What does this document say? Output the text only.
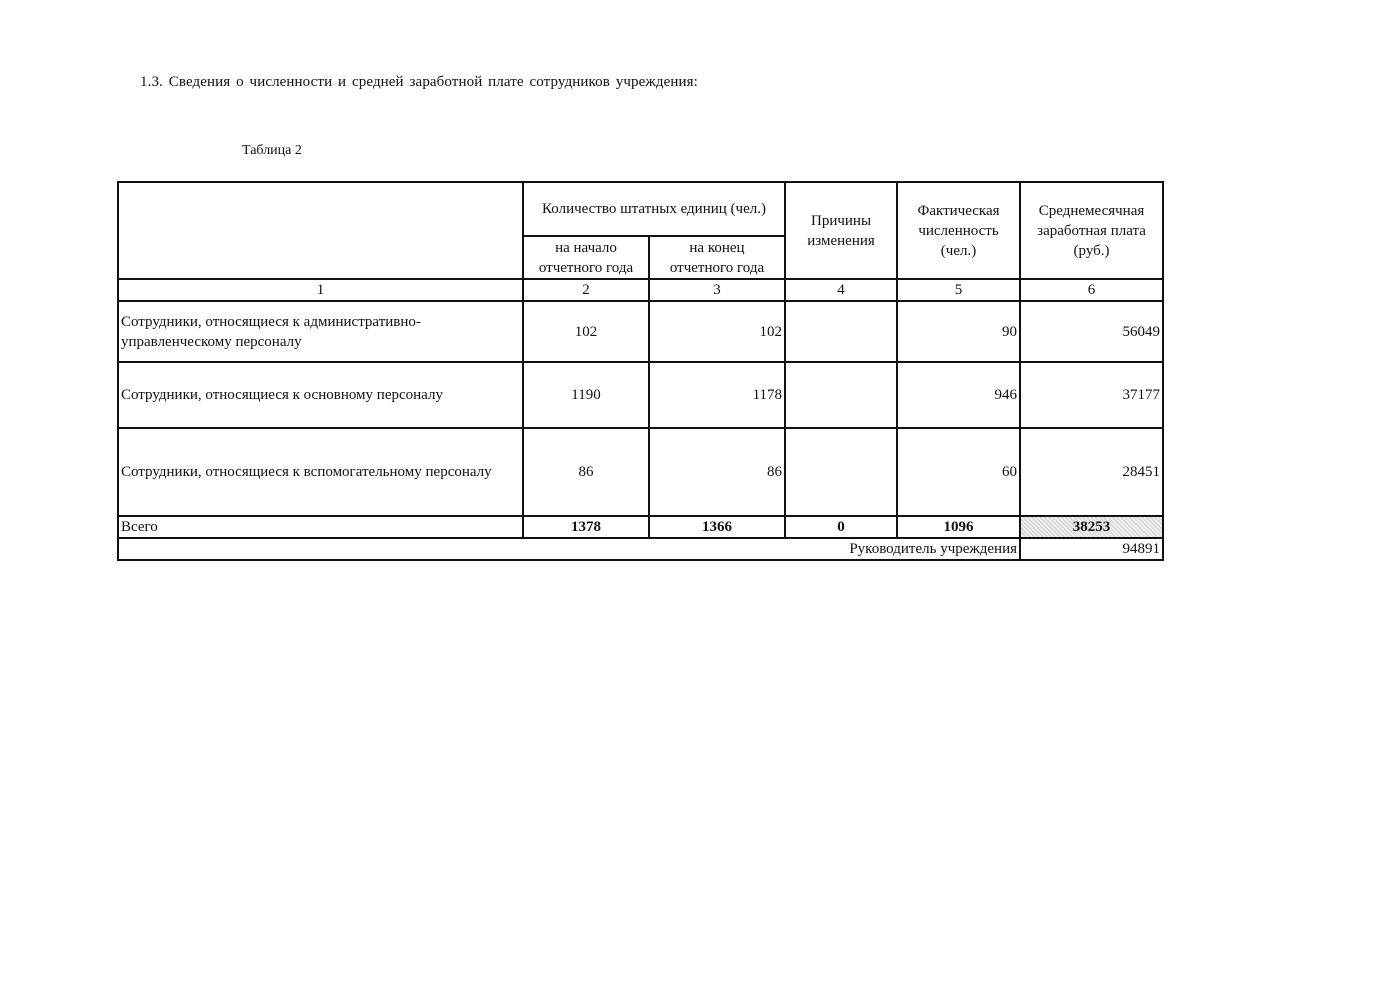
1.3. Сведения о численности и средней заработной плате сотрудников учреждения:
Таблица 2
	Количество штатных единиц (чел.)		Причины изменения	Фактическая численность (чел.)	Среднемесячная заработная плата (руб.)

	на начало отчетного года	на конец отчетного года			

1	2	3	4	5	6
Сотрудники, относящиеся к административно-управленческому персоналу	102	102		90	56049
Сотрудники, относящиеся к основному персоналу	1190	1178		946	37177
Сотрудники, относящиеся к вспомогательному персоналу	86	86		60	28451
Всего	1378	1366	0	1096	38253
Руководитель учреждения					94891
